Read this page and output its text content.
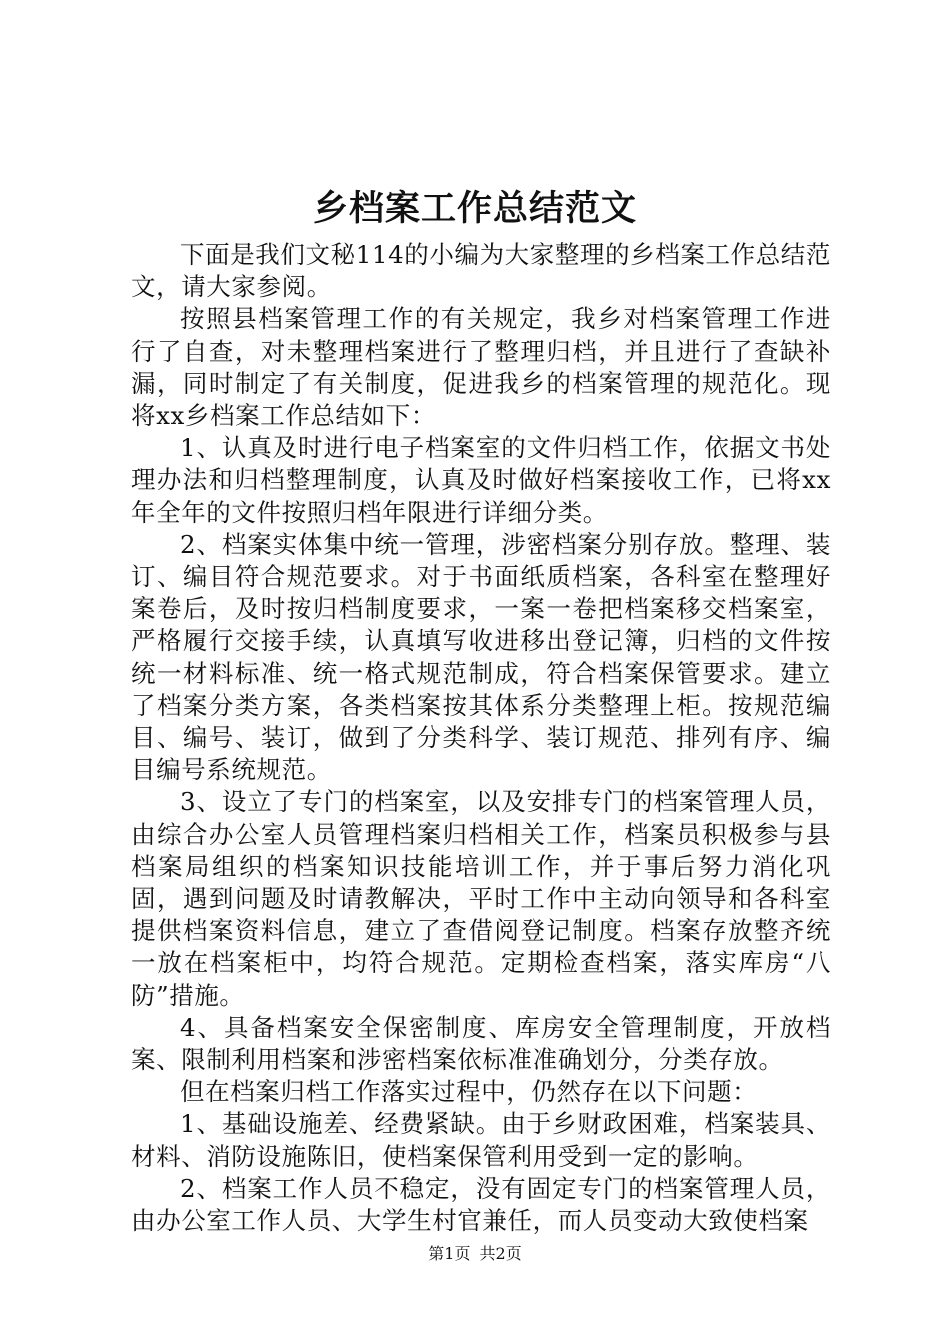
乡档案工作总结范文

下面是我们文秘114的小编为大家整理的乡档案工作总结范文，请大家参阅。

按照县档案管理工作的有关规定，我乡对档案管理工作进行了自查，对未整理档案进行了整理归档，并且进行了查缺补漏，同时制定了有关制度，促进我乡的档案管理的规范化。现将xx乡档案工作总结如下：

1、认真及时进行电子档案室的文件归档工作，依据文书处理办法和归档整理制度，认真及时做好档案接收工作，已将xx年全年的文件按照归档年限进行详细分类。

2、档案实体集中统一管理，涉密档案分别存放。整理、装订、编目符合规范要求。对于书面纸质档案，各科室在整理好案卷后，及时按归档制度要求，一案一卷把档案移交档案室，严格履行交接手续，认真填写收进移出登记簿，归档的文件按统一材料标准、统一格式规范制成，符合档案保管要求。建立了档案分类方案，各类档案按其体系分类整理上柜。按规范编目、编号、装订，做到了分类科学、装订规范、排列有序、编目编号系统规范。

3、设立了专门的档案室，以及安排专门的档案管理人员，由综合办公室人员管理档案归档相关工作，档案员积极参与县档案局组织的档案知识技能培训工作，并于事后努力消化巩固，遇到问题及时请教解决，平时工作中主动向领导和各科室提供档案资料信息，建立了查借阅登记制度。档案存放整齐统一放在档案柜中，均符合规范。定期检查档案，落实库房“八防”措施。

4、具备档案安全保密制度、库房安全管理制度，开放档案、限制利用档案和涉密档案依标准准确划分，分类存放。

但在档案归档工作落实过程中，仍然存在以下问题：

1、基础设施差、经费紧缺。由于乡财政困难，档案装具、材料、消防设施陈旧，使档案保管利用受到一定的影响。

2、档案工作人员不稳定，没有固定专门的档案管理人员，由办公室工作人员、大学生村官兼任，而人员变动大致使档案

第1页 共2页
